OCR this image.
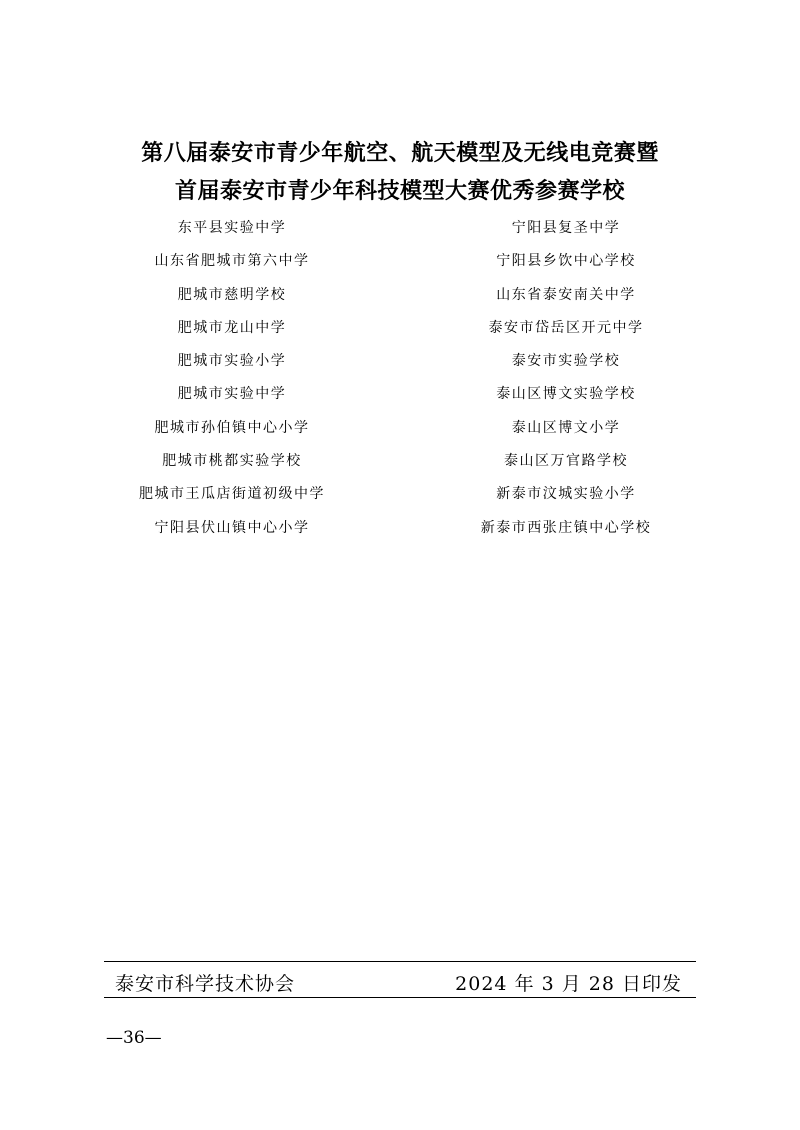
第八届泰安市青少年航空、航天模型及无线电竞赛暨
首届泰安市青少年科技模型大赛优秀参赛学校
东平县实验中学
山东省肥城市第六中学
肥城市慈明学校
肥城市龙山中学
肥城市实验小学
肥城市实验中学
肥城市孙伯镇中心小学
肥城市桃都实验学校
肥城市王瓜店街道初级中学
宁阳县伏山镇中心小学
宁阳县复圣中学
宁阳县乡饮中心学校
山东省泰安南关中学
泰安市岱岳区开元中学
泰安市实验学校
泰山区博文实验学校
泰山区博文小学
泰山区万官路学校
新泰市汶城实验小学
新泰市西张庄镇中心学校
泰安市科学技术协会	2024 年 3 月 28 日印发
—36—
